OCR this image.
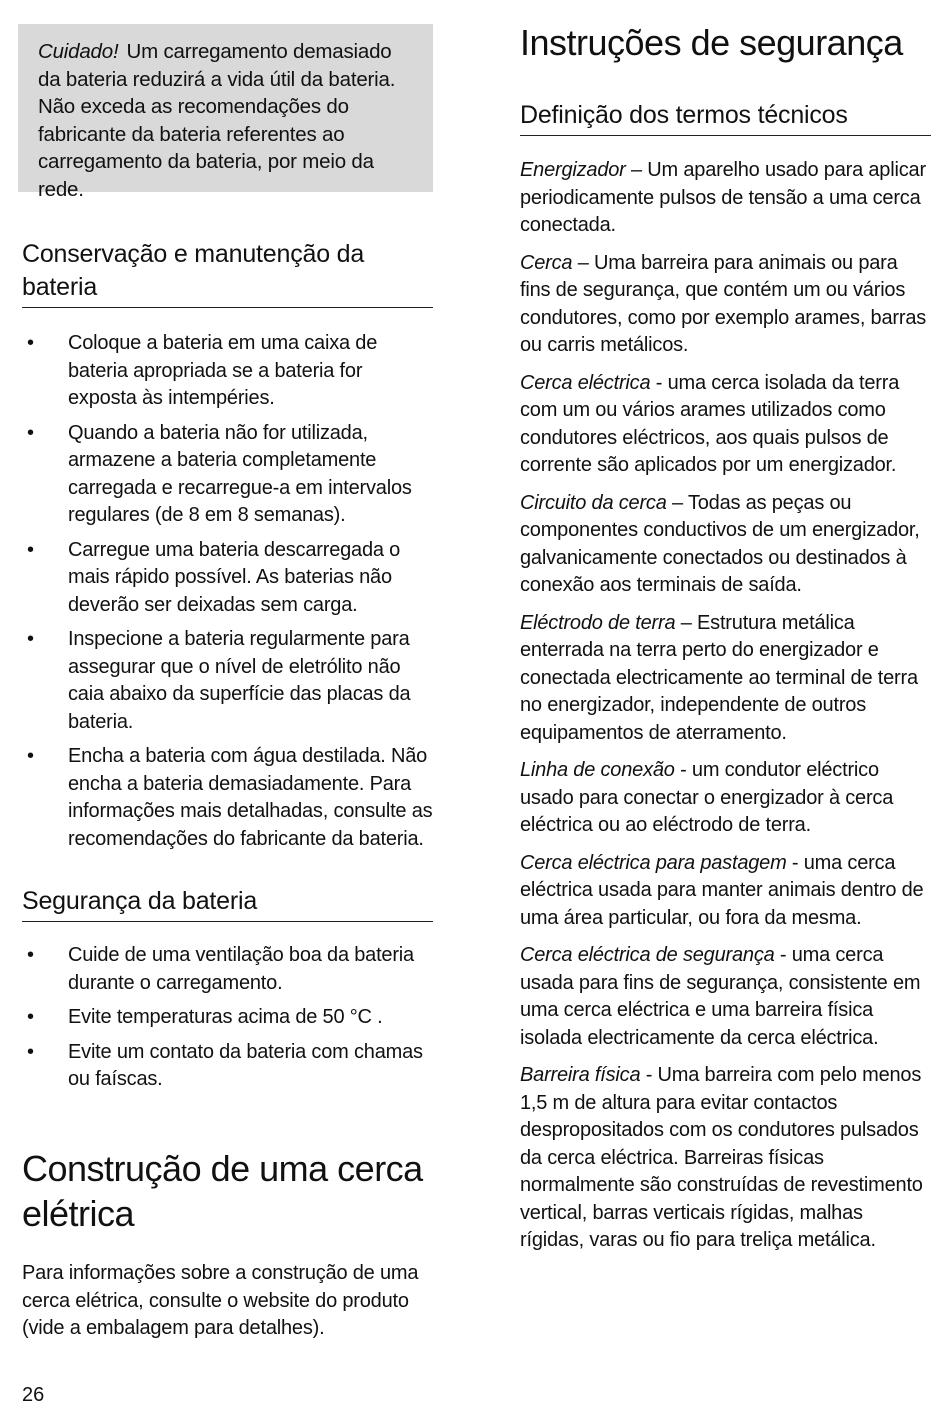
Cuidado! Um carregamento demasiado da bateria reduzirá a vida útil da bateria. Não exceda as recomendações do fabricante da bateria referentes ao carregamento da bateria, por meio da rede.
Conservação e manutenção da bateria
• Coloque a bateria em uma caixa de bateria apropriada se a bateria for exposta às intempéries.
• Quando a bateria não for utilizada, armazene a bateria completamente carregada e recarregue-a em intervalos regulares (de 8 em 8 semanas).
• Carregue uma bateria descarregada o mais rápido possível. As baterias não deverão ser deixadas sem carga.
• Inspecione a bateria regularmente para assegurar que o nível de eletrólito não caia abaixo da superfície das placas da bateria.
• Encha a bateria com água destilada. Não encha a bateria demasiadamente. Para informações mais detalhadas, consulte as recomendações do fabricante da bateria.
Segurança da bateria
• Cuide de uma ventilação boa da bateria durante o carregamento.
• Evite temperaturas acima de 50 °C .
• Evite um contato da bateria com chamas ou faíscas.
Construção de uma cerca elétrica
Para informações sobre a construção de uma cerca elétrica, consulte o website do produto (vide a embalagem para detalhes).
26
Instruções de segurança
Definição dos termos técnicos

Energizador – Um aparelho usado para aplicar periodicamente pulsos de tensão a uma cerca conectada.

Cerca – Uma barreira para animais ou para fins de segurança, que contém um ou vários condutores, como por exemplo arames, barras ou carris metálicos.

Cerca eléctrica - uma cerca isolada da terra com um ou vários arames utilizados como condutores eléctricos, aos quais pulsos de corrente são aplicados por um energizador.

Circuito da cerca – Todas as peças ou componentes conductivos de um energizador, galvanicamente conectados ou destinados à conexão aos terminais de saída.

Eléctrodo de terra – Estrutura metálica enterrada na terra perto do energizador e conectada electricamente ao terminal de terra no energizador, independente de outros equipamentos de aterramento.

Linha de conexão - um condutor eléctrico usado para conectar o energizador à cerca eléctrica ou ao eléctrodo de terra.

Cerca eléctrica para pastagem - uma cerca eléctrica usada para manter animais dentro de uma área particular, ou fora da mesma.

Cerca eléctrica de segurança - uma cerca usada para fins de segurança, consistente em uma cerca eléctrica e uma barreira física isolada electricamente da cerca eléctrica.

Barreira física - Uma barreira com pelo menos 1,5 m de altura para evitar contactos despropositados com os condutores pulsados da cerca eléctrica. Barreiras físicas normalmente são construídas de revestimento vertical, barras verticais rígidas, malhas rígidas, varas ou fio para treliça metálica.
